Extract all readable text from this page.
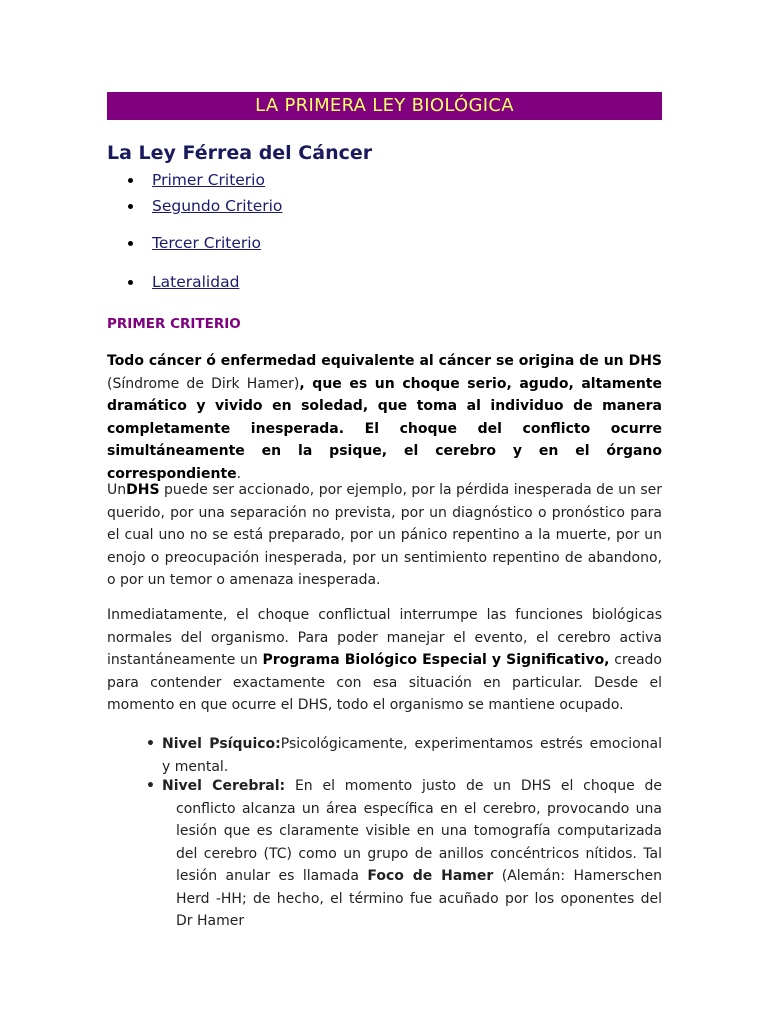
LA PRIMERA LEY BIOLÓGICA
La Ley Férrea del Cáncer
Primer Criterio
Segundo Criterio
Tercer Criterio
Lateralidad
PRIMER CRITERIO
Todo cáncer ó enfermedad equivalente al cáncer se origina de un DHS (Síndrome de Dirk Hamer), que es un choque serio, agudo, altamente dramático y vivido en soledad, que toma al individuo de manera completamente inesperada. El choque del conflicto ocurre simultáneamente en la psique, el cerebro y en el órgano correspondiente.
UnDHS puede ser accionado, por ejemplo, por la pérdida inesperada de un ser querido, por una separación no prevista, por un diagnóstico o pronóstico para el cual uno no se está preparado, por un pánico repentino a la muerte, por un enojo o preocupación inesperada, por un sentimiento repentino de abandono, o por un temor o amenaza inesperada.
Inmediatamente, el choque conflictual interrumpe las funciones biológicas normales del organismo. Para poder manejar el evento, el cerebro activa instantáneamente un Programa Biológico Especial y Significativo, creado para contender exactamente con esa situación en particular. Desde el momento en que ocurre el DHS, todo el organismo se mantiene ocupado.
• Nivel Psíquico:Psicológicamente, experimentamos estrés emocional y mental.
• Nivel Cerebral: En el momento justo de un DHS el choque de conflicto alcanza un área específica en el cerebro, provocando una lesión que es claramente visible en una tomografía computarizada del cerebro (TC) como un grupo de anillos concéntricos nítidos. Tal lesión anular es llamada Foco de Hamer (Alemán: Hamerschen Herd -HH; de hecho, el término fue acuñado por los oponentes del Dr Hamer
